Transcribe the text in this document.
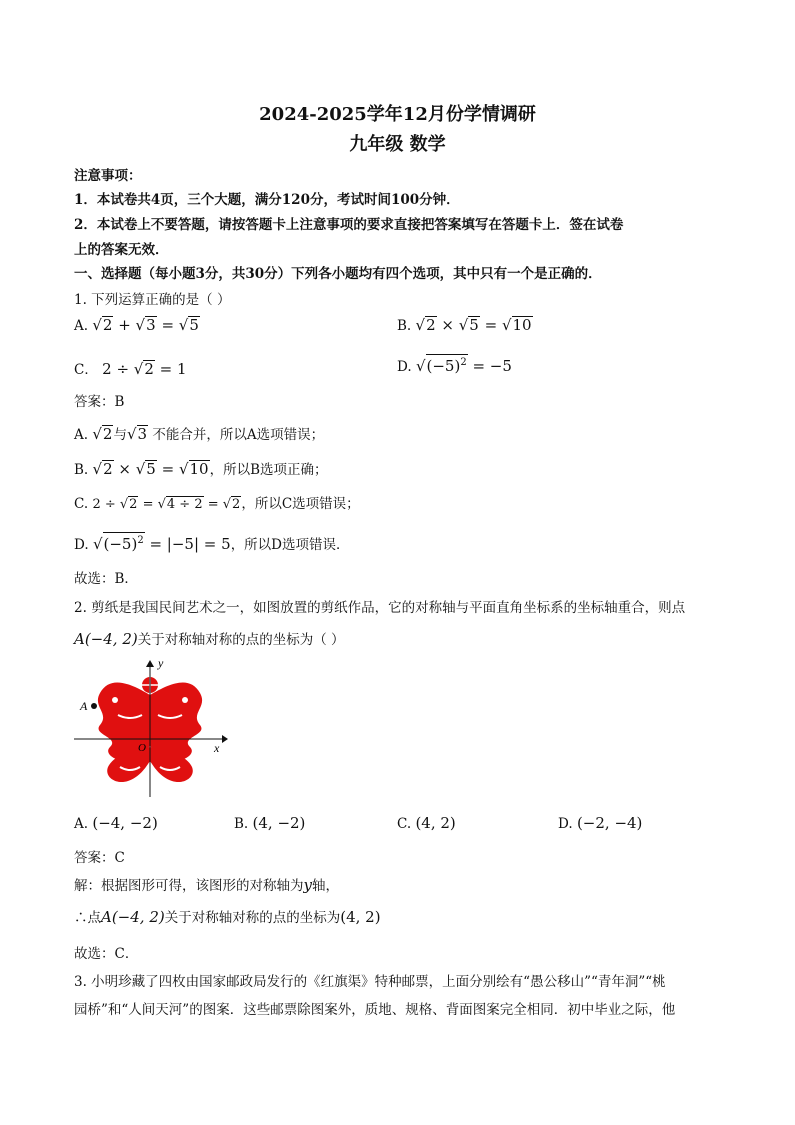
2024-2025学年12月份学情调研
九年级 数学
注意事项：
1．本试卷共4页，三个大题，满分120分，考试时间100分钟．
2．本试卷上不要答题，请按答题卡上注意事项的要求直接把答案填写在答题卡上．签在试卷
上的答案无效．
一、选择题（每小题3分，共30分）下列各小题均有四个选项，其中只有一个是正确的．
1. 下列运算正确的是（ ）
A. √2 + √3 = √5	B. √2 × √5 = √10
C． 2 ÷ √2 = 1	D. $√(-5)^2 = -5$
答案：B
A. √2与√3 不能合并，所以A选项错误；
B. √2 × √5 = √10，所以B选项正确；
C. 2 ÷ √2 = √4 ÷ 2 = √2，所以C选项错误；
D. $√(-5)^2 = |-5| = 5$，所以D选项错误．
故选：B．
2. 剪纸是我国民间艺术之一，如图放置的剪纸作品，它的对称轴与平面直角坐标系的坐标轴重合，则点
A(−4, 2)关于对称轴对称的点的坐标为（ ）
A
y
x
O
A. (−4, −2)	B. (4, −2)	C. (4, 2)	D. (−2, −4)
答案：C
解：根据图形可得，该图形的对称轴为y轴，
∴点A(−4, 2)关于对称轴对称的点的坐标为(4, 2)
故选：C．
3. 小明珍藏了四枚由国家邮政局发行的《红旗渠》特种邮票，上面分别绘有“愚公移山”“青年洞”“桃
园桥”和“人间天河”的图案．这些邮票除图案外，质地、规格、背面图案完全相同．初中毕业之际，他
